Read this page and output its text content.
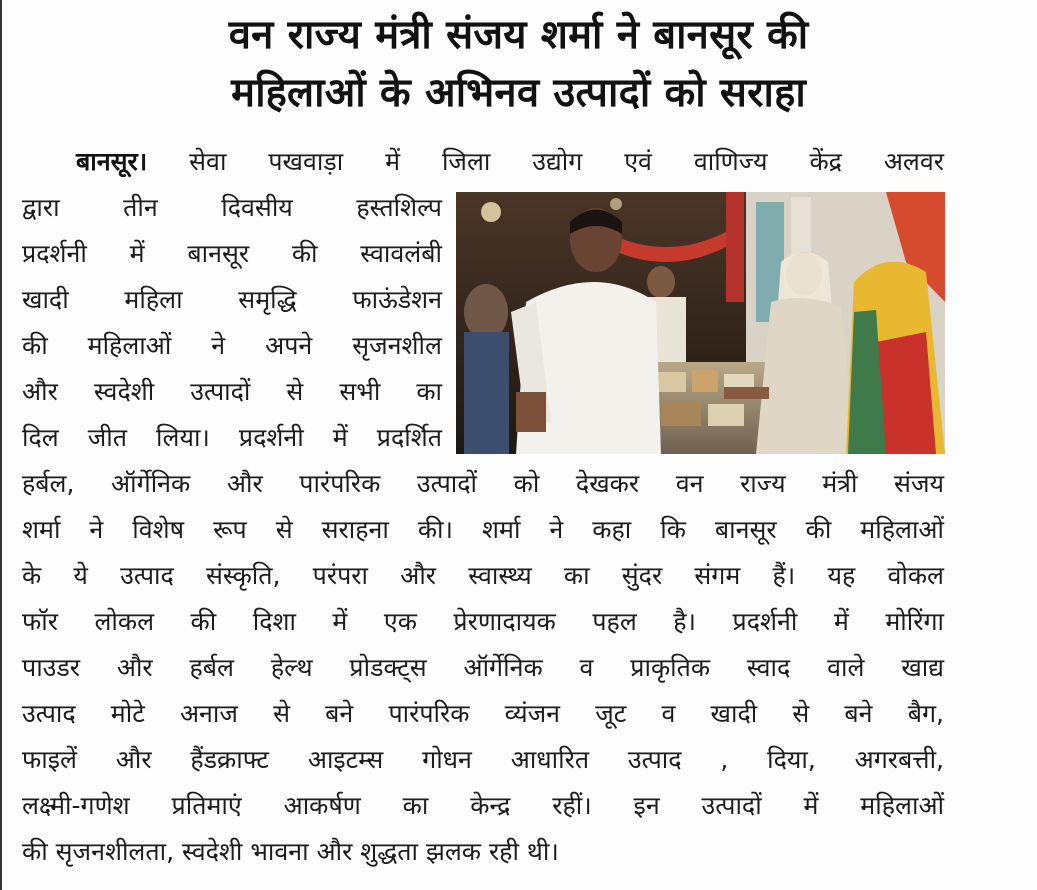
वन राज्य मंत्री संजय शर्मा ने बानसूर की
महिलाओं के अभिनव उत्पादों को सराहा
बानसूर। सेवा पखवाड़ा में जिला उद्योग एवं वाणिज्य केंद्र अलवर
द्वारा तीन दिवसीय हस्तशिल्प
प्रदर्शनी में बानसूर की स्वावलंबी
खादी महिला समृद्धि फाऊंडेशन
की महिलाओं ने अपने सृजनशील
और स्वदेशी उत्पादों से सभी का
दिल जीत लिया। प्रदर्शनी में प्रदर्शित
हर्बल, ऑर्गेनिक और पारंपरिक उत्पादों को देखकर वन राज्य मंत्री संजय
शर्मा ने विशेष रूप से सराहना की। शर्मा ने कहा कि बानसूर की महिलाओं
के ये उत्पाद संस्कृति, परंपरा और स्वास्थ्य का सुंदर संगम हैं। यह वोकल
फॉर लोकल की दिशा में एक प्रेरणादायक पहल है। प्रदर्शनी में मोरिंगा
पाउडर और हर्बल हेल्थ प्रोडक्ट्स ऑर्गेनिक व प्राकृतिक स्वाद वाले खाद्य
उत्पाद मोटे अनाज से बने पारंपरिक व्यंजन जूट व खादी से बने बैग,
फाइलें और हैंडक्राफ्ट आइटम्स गोधन आधारित उत्पाद , दिया, अगरबत्ती,
लक्ष्मी-गणेश प्रतिमाएं आकर्षण का केन्द्र रहीं। इन उत्पादों में महिलाओं
की सृजनशीलता, स्वदेशी भावना और शुद्धता झलक रही थी।
